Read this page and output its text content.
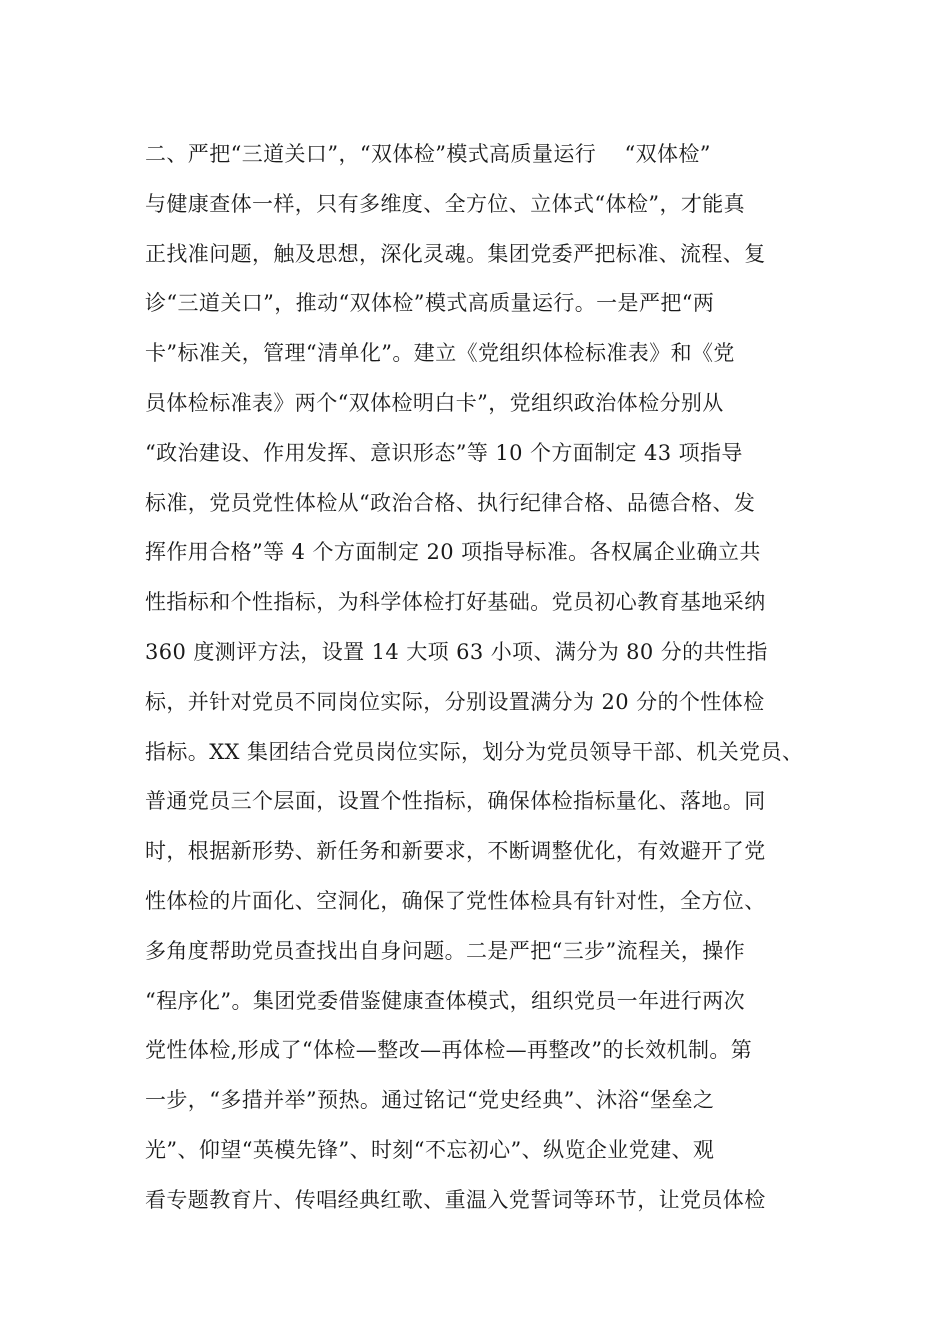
二、严把“三道关口”，“双体检”模式高质量运行    “双体检”
与健康查体一样，只有多维度、全方位、立体式“体检”，才能真
正找准问题，触及思想，深化灵魂。集团党委严把标准、流程、复
诊“三道关口”，推动“双体检”模式高质量运行。一是严把“两
卡”标准关，管理“清单化”。建立《党组织体检标准表》和《党
员体检标准表》两个“双体检明白卡”，党组织政治体检分别从
“政治建设、作用发挥、意识形态”等 10 个方面制定 43 项指导
标准，党员党性体检从“政治合格、执行纪律合格、品德合格、发
挥作用合格”等 4 个方面制定 20 项指导标准。各权属企业确立共
性指标和个性指标，为科学体检打好基础。党员初心教育基地采纳
360 度测评方法，设置 14 大项 63 小项、满分为 80 分的共性指
标，并针对党员不同岗位实际，分别设置满分为 20 分的个性体检
指标。XX 集团结合党员岗位实际，划分为党员领导干部、机关党员、
普通党员三个层面，设置个性指标，确保体检指标量化、落地。同
时，根据新形势、新任务和新要求，不断调整优化，有效避开了党
性体检的片面化、空洞化，确保了党性体检具有针对性，全方位、
多角度帮助党员查找出自身问题。二是严把“三步”流程关，操作
“程序化”。集团党委借鉴健康查体模式，组织党员一年进行两次
党性体检,形成了“体检—整改—再体检—再整改”的长效机制。第
一步，“多措并举”预热。通过铭记“党史经典”、沐浴“堡垒之
光”、仰望“英模先锋”、时刻“不忘初心”、纵览企业党建、观
看专题教育片、传唱经典红歌、重温入党誓词等环节，让党员体检
